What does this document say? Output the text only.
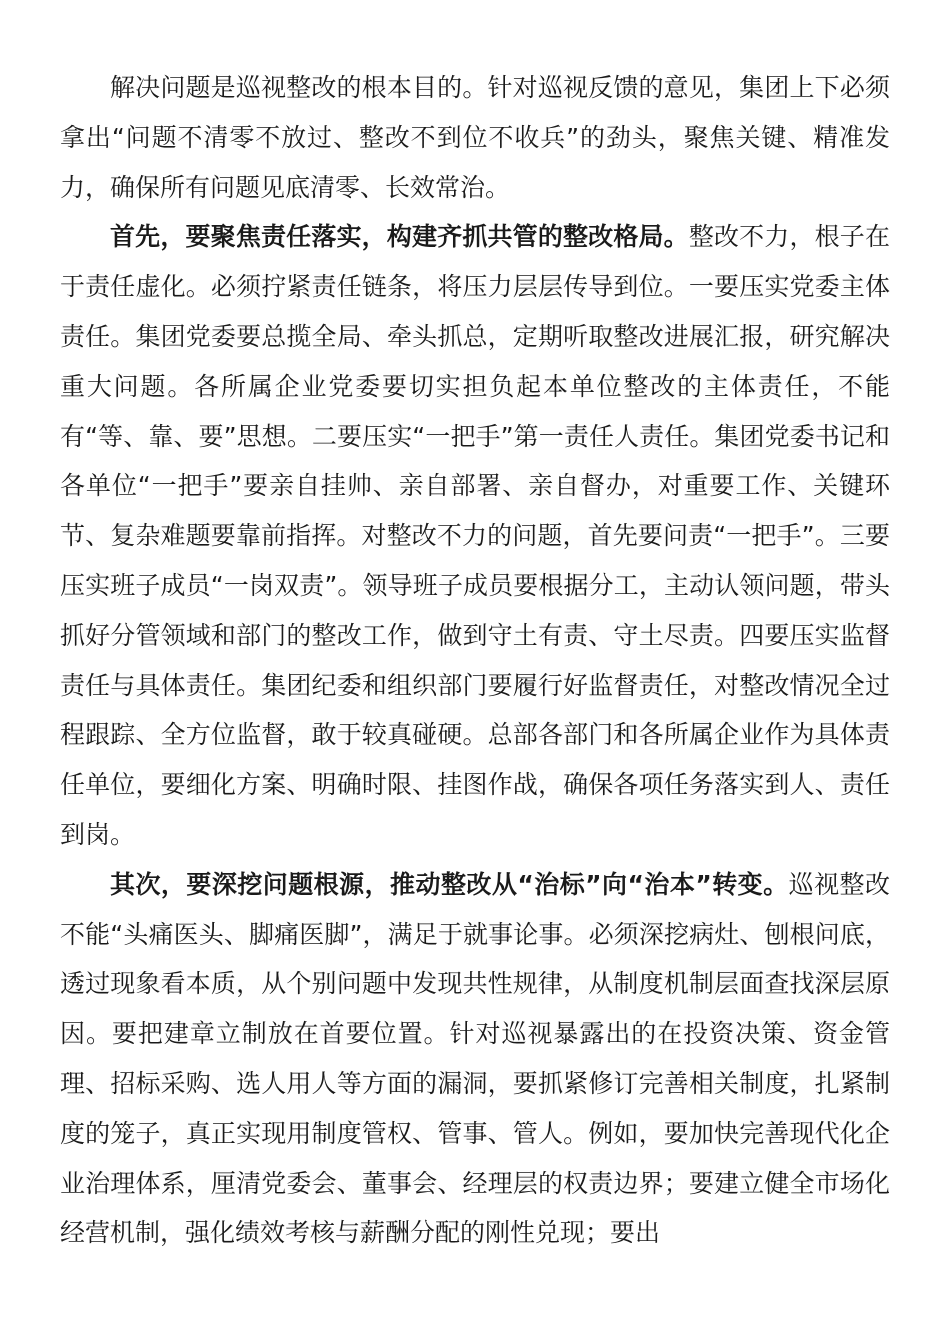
解决问题是巡视整改的根本目的。针对巡视反馈的意见，集团上下必须拿出“问题不清零不放过、整改不到位不收兵”的劲头，聚焦关键、精准发力，确保所有问题见底清零、长效常治。

首先，要聚焦责任落实，构建齐抓共管的整改格局。整改不力，根子在于责任虚化。必须拧紧责任链条，将压力层层传导到位。一要压实党委主体责任。集团党委要总揽全局、牵头抓总，定期听取整改进展汇报，研究解决重大问题。各所属企业党委要切实担负起本单位整改的主体责任，不能有“等、靠、要”思想。二要压实“一把手”第一责任人责任。集团党委书记和各单位“一把手”要亲自挂帅、亲自部署、亲自督办，对重要工作、关键环节、复杂难题要靠前指挥。对整改不力的问题，首先要问责“一把手”。三要压实班子成员“一岗双责”。领导班子成员要根据分工，主动认领问题，带头抓好分管领域和部门的整改工作，做到守土有责、守土尽责。四要压实监督责任与具体责任。集团纪委和组织部门要履行好监督责任，对整改情况全过程跟踪、全方位监督，敢于较真碰硬。总部各部门和各所属企业作为具体责任单位，要细化方案、明确时限、挂图作战，确保各项任务落实到人、责任到岗。

其次，要深挖问题根源，推动整改从“治标”向“治本”转变。巡视整改不能“头痛医头、脚痛医脚”，满足于就事论事。必须深挖病灶、刨根问底，透过现象看本质，从个别问题中发现共性规律，从制度机制层面查找深层原因。要把建章立制放在首要位置。针对巡视暴露出的在投资决策、资金管理、招标采购、选人用人等方面的漏洞，要抓紧修订完善相关制度，扎紧制度的笼子，真正实现用制度管权、管事、管人。例如，要加快完善现代化企业治理体系，厘清党委会、董事会、经理层的权责边界；要建立健全市场化经营机制，强化绩效考核与薪酬分配的刚性兑现；要出
